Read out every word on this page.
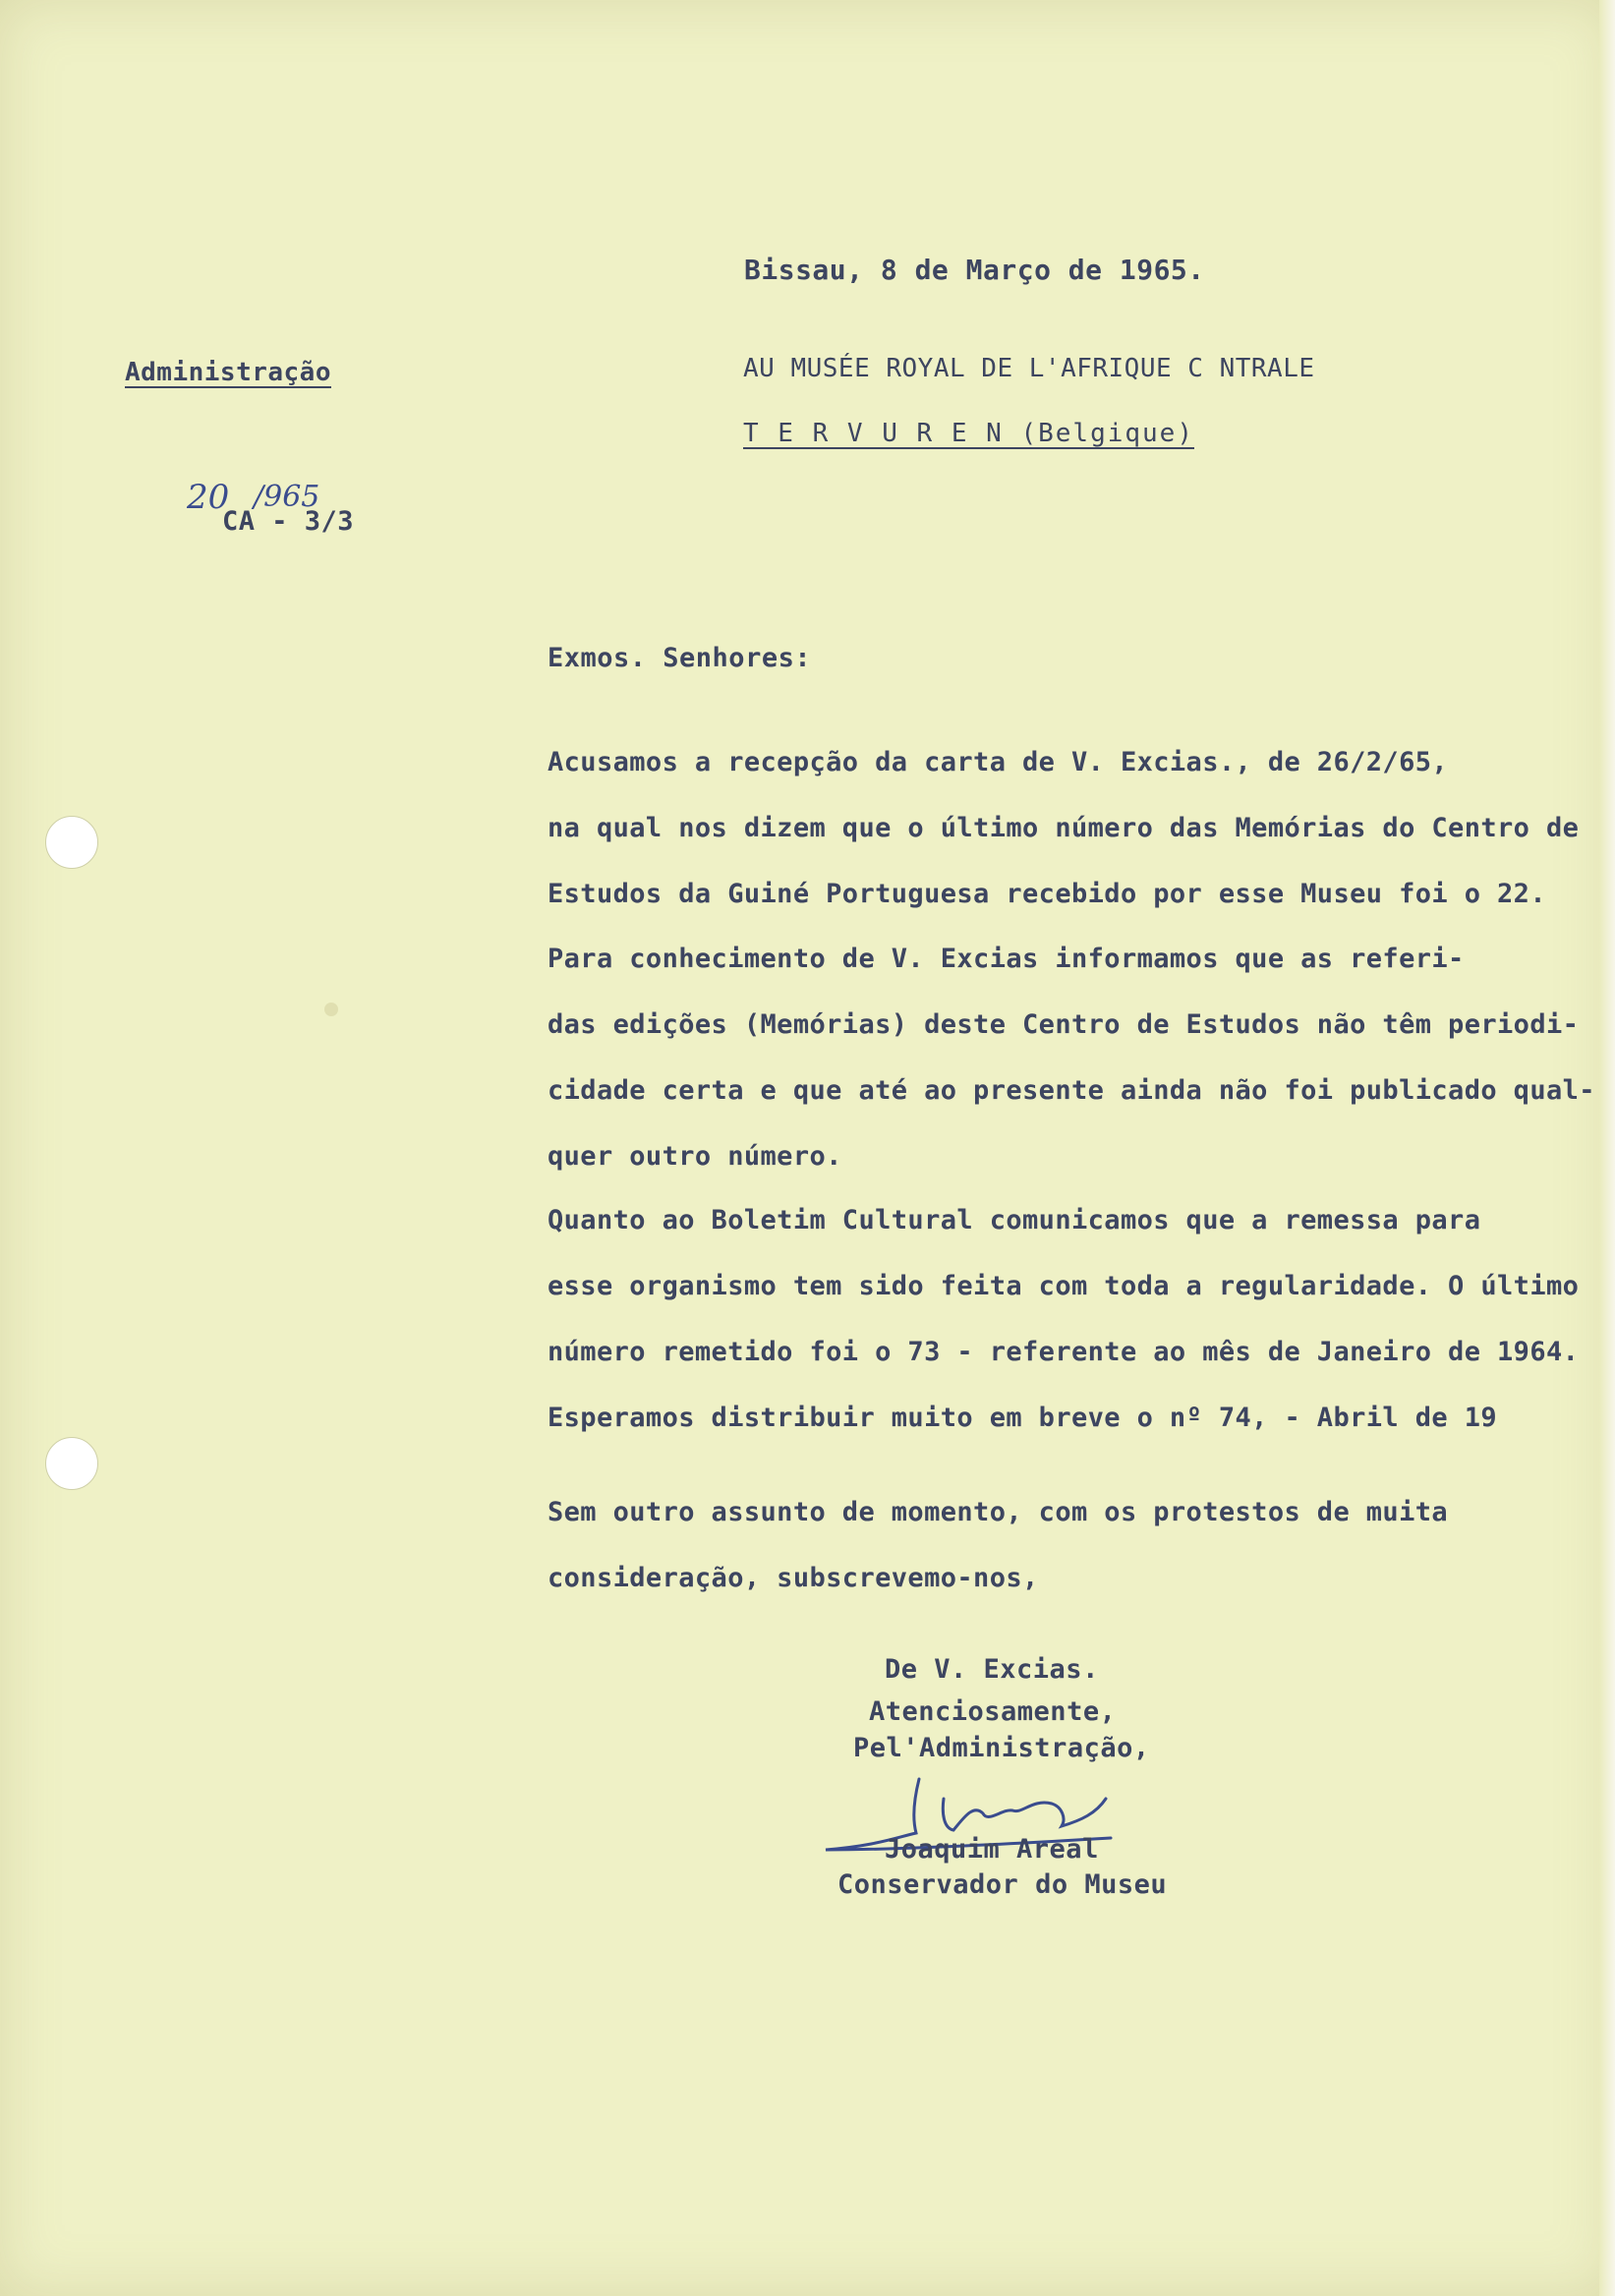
Bissau, 8 de Março de 1965.

Administração

20 /965

CA - 3/3

AU MUSÉE ROYAL DE L'AFRIQUE C NTRALE

T E R V U R E N (Belgique)

Exmos. Senhores:

Acusamos a recepção da carta de V. Excias., de 26/2/65,
na qual nos dizem que o último número das Memórias do Centro de
Estudos da Guiné Portuguesa recebido por esse Museu foi o 22.
Para conhecimento de V. Excias informamos que as referi-
das edições (Memórias) deste Centro de Estudos não têm periodi-
cidade certa e que até ao presente ainda não foi publicado qual-
quer outro número.
Quanto ao Boletim Cultural comunicamos que a remessa para
esse organismo tem sido feita com toda a regularidade. O último
número remetido foi o 73 - referente ao mês de Janeiro de 1964.
Esperamos distribuir muito em breve o nº 74, - Abril de 19
Sem outro assunto de momento, com os protestos de muita
consideração, subscrevemo-nos,

De V. Excias.

Atenciosamente,

Pel'Administração,

Joaquim Areal

Conservador do Museu
